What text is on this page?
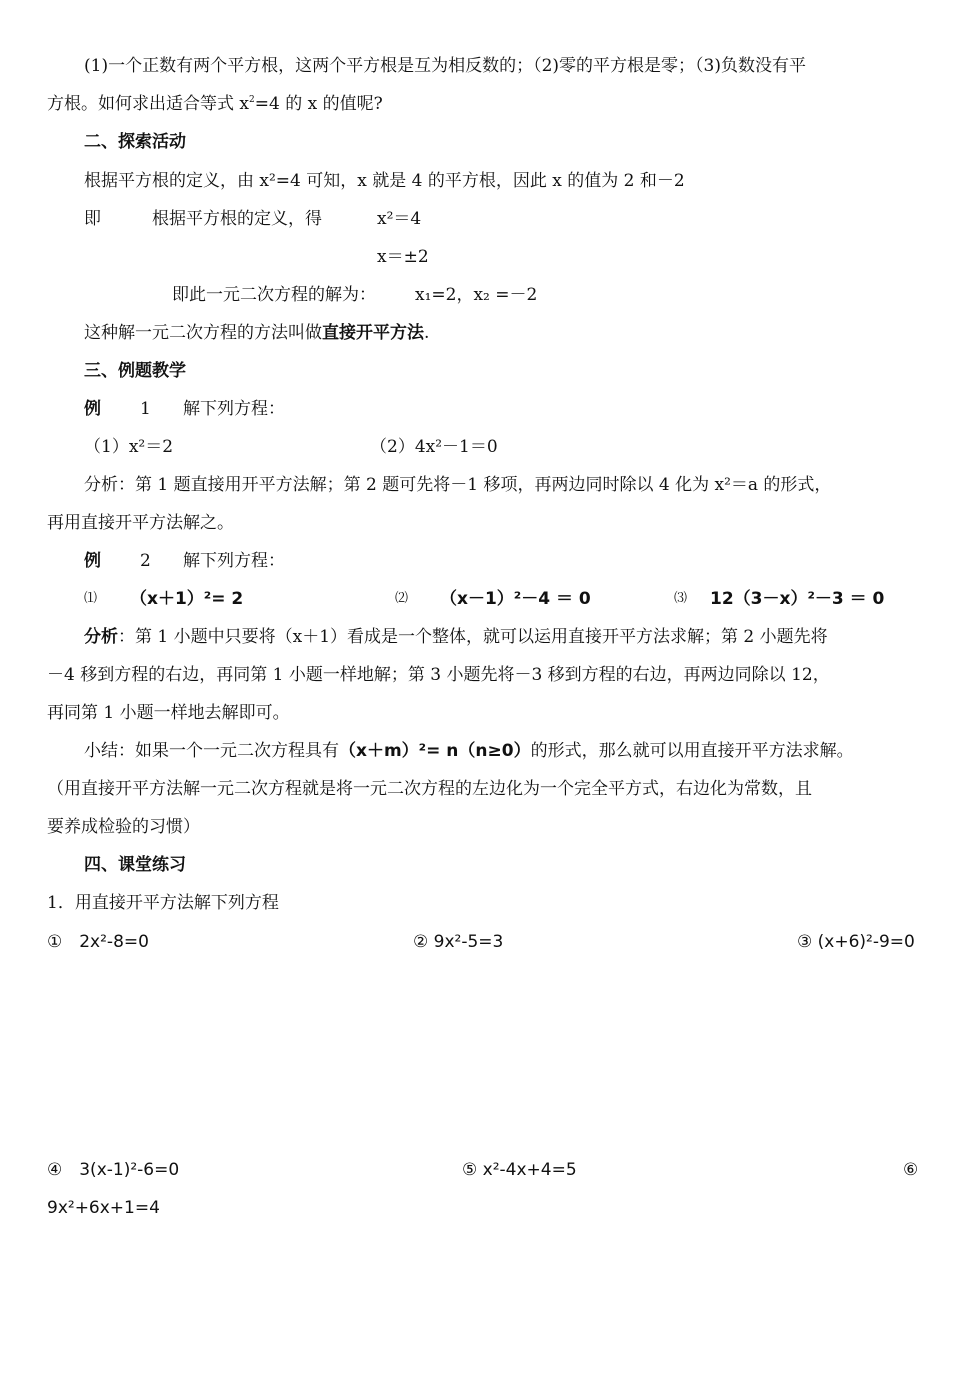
(1)一个正数有两个平方根，这两个平方根是互为相反数的；（2)零的平方根是零；（3)负数没有平
方根。如何求出适合等式 $x^2=4$ 的 x 的值呢?
二、探索活动
根据平方根的定义，由 x²=4 可知，x 就是 4 的平方根，因此 x 的值为 2 和－2
即	根据平方根的定义，得	x²＝4
x＝±2
即此一元二次方程的解为： x₁=2，x₂ =－2
这种解一元二次方程的方法叫做直接开平方法.
三、例题教学
例 1 解下列方程：
（1）x²＝2	（2）4x²－1＝0
分析：第 1 题直接用开平方法解；第 2 题可先将－1 移项，再两边同时除以 4 化为 x²＝a 的形式，
再用直接开平方法解之。
例 2 解下列方程：
⑴ （x＋1）²= 2	⑵ （x－1）²－4 ＝ 0	⑶ 12（3－x）²－3 ＝ 0
分析：第 1 小题中只要将（x＋1）看成是一个整体，就可以运用直接开平方法求解；第 2 小题先将
－4 移到方程的右边，再同第 1 小题一样地解；第 3 小题先将－3 移到方程的右边，再两边同除以 12，
再同第 1 小题一样地去解即可。
小结：如果一个一元二次方程具有（x＋m）²= n（n≥0）的形式，那么就可以用直接开平方法求解。
（用直接开平方法解一元二次方程就是将一元二次方程的左边化为一个完全平方式，右边化为常数，且
要养成检验的习惯）
四、课堂练习
1．用直接开平方法解下列方程
①　2x²-8=0	② 9x²-5=3	③ (x+6)²-9=0
④　3(x-1)²-6=0	⑤ x²-4x+4=5	⑥
9x²+6x+1=4
